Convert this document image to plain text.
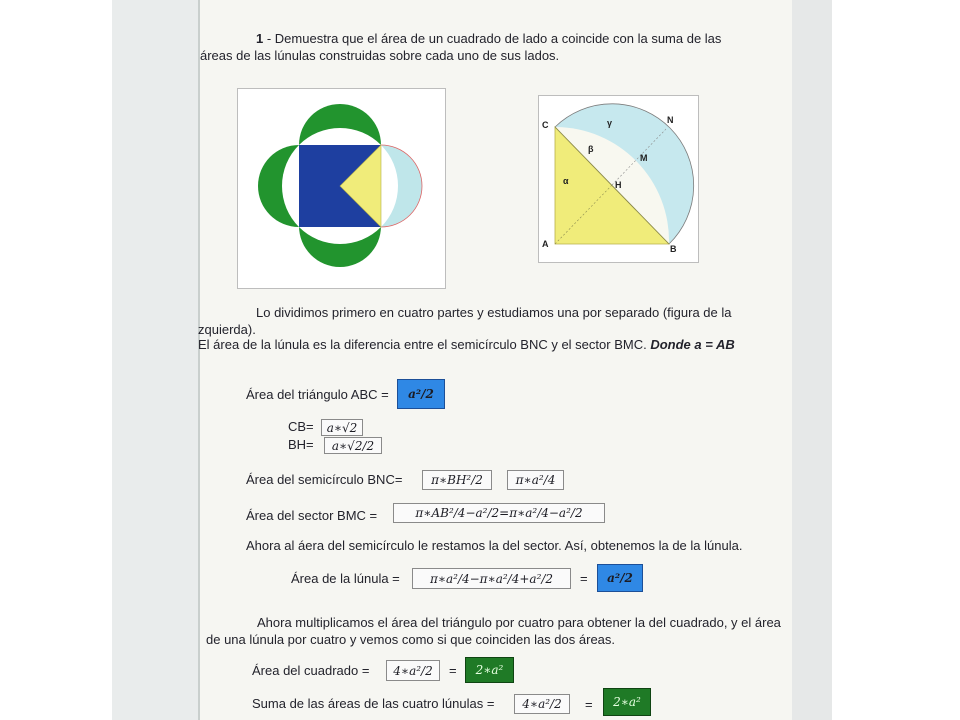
1 - Demuestra que el área de un cuadrado de lado a coincide con la suma de las
áreas de las lúnulas construidas sobre cada uno de sus lados.
C
A	B
N
M
H
α
β
γ
Lo dividimos primero en cuatro partes y estudiamos una por separado (figura de la
zquierda).
El área de la lúnula es la diferencia entre el semicírculo BNC y el sector BMC. Donde a = AB
Área del triángulo ABC =	a²/2
CB=	a∗√2
BH=	a∗√2/2
Área del semicírculo BNC=	π∗BH²/2	π∗a²/4
Área del sector BMC =	π∗AB²/4−a²/2=π∗a²/4−a²/2
Ahora al áera del semicírculo le restamos la del sector. Así, obtenemos la de la lúnula.
Área de la lúnula =	π∗a²/4−π∗a²/4+a²/2	=	a²/2
Ahora multiplicamos el área del triángulo por cuatro para obtener la del cuadrado, y el área
de una lúnula por cuatro y vemos como si que coinciden las dos áreas.
Área del cuadrado =	4∗a²/2	=	2∗a²
Suma de las áreas de las cuatro lúnulas =	4∗a²/2	=	2∗a²
